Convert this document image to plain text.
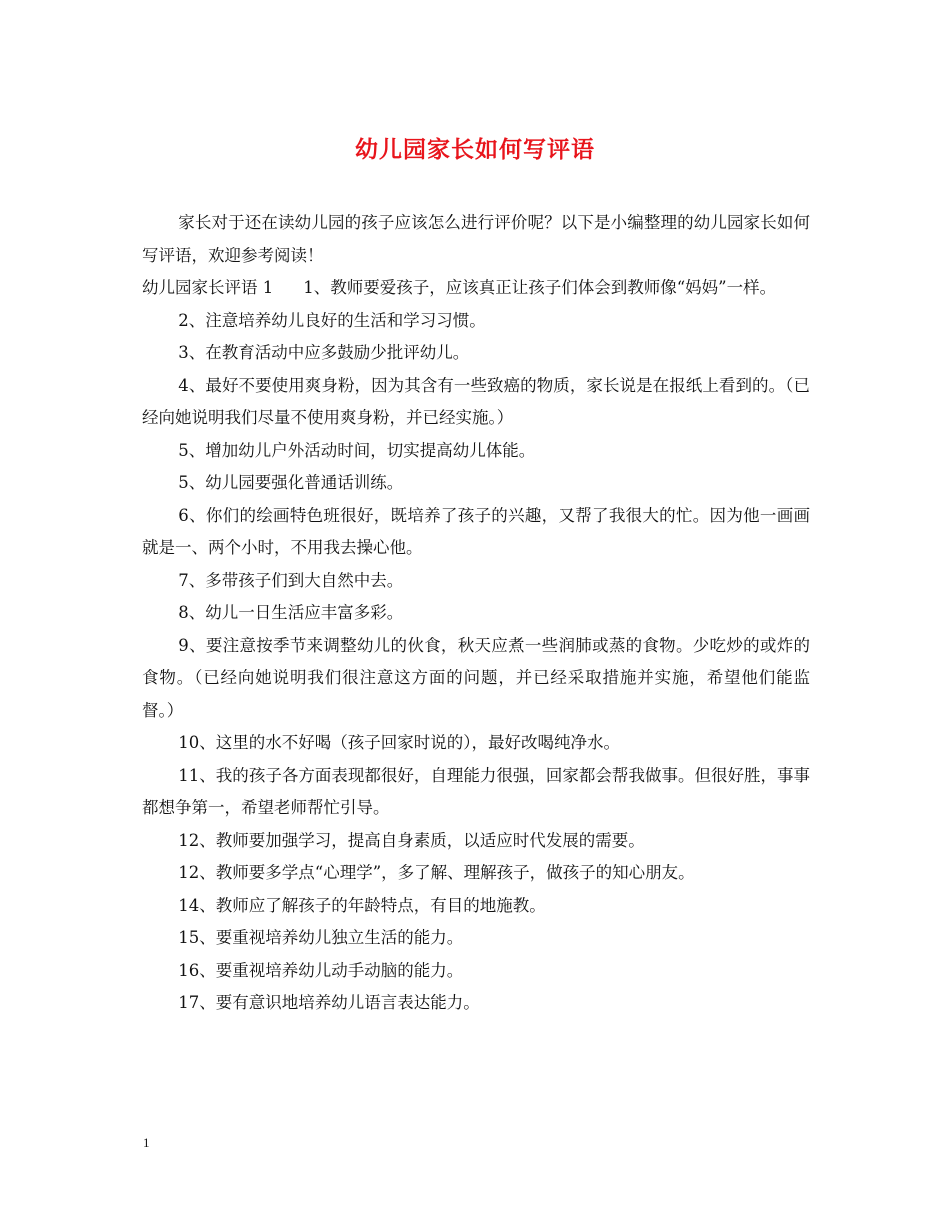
幼儿园家长如何写评语

家长对于还在读幼儿园的孩子应该怎么进行评价呢？以下是小编整理的幼儿园家长如何写评语，欢迎参考阅读！

幼儿园家长评语 1 1、教师要爱孩子，应该真正让孩子们体会到教师像“妈妈”一样。

2、注意培养幼儿良好的生活和学习习惯。

3、在教育活动中应多鼓励少批评幼儿。

4、最好不要使用爽身粉，因为其含有一些致癌的物质，家长说是在报纸上看到的。（已经向她说明我们尽量不使用爽身粉，并已经实施。）

5、增加幼儿户外活动时间，切实提高幼儿体能。

5、幼儿园要强化普通话训练。

6、你们的绘画特色班很好，既培养了孩子的兴趣，又帮了我很大的忙。因为他一画画就是一、两个小时，不用我去操心他。

7、多带孩子们到大自然中去。

8、幼儿一日生活应丰富多彩。

9、要注意按季节来调整幼儿的伙食，秋天应煮一些润肺或蒸的食物。少吃炒的或炸的食物。（已经向她说明我们很注意这方面的问题，并已经采取措施并实施，希望他们能监督。）

10、这里的水不好喝（孩子回家时说的），最好改喝纯净水。

11、我的孩子各方面表现都很好，自理能力很强，回家都会帮我做事。但很好胜，事事都想争第一，希望老师帮忙引导。

12、教师要加强学习，提高自身素质，以适应时代发展的需要。

12、教师要多学点“心理学”，多了解、理解孩子，做孩子的知心朋友。

14、教师应了解孩子的年龄特点，有目的地施教。

15、要重视培养幼儿独立生活的能力。

16、要重视培养幼儿动手动脑的能力。

17、要有意识地培养幼儿语言表达能力。

1
